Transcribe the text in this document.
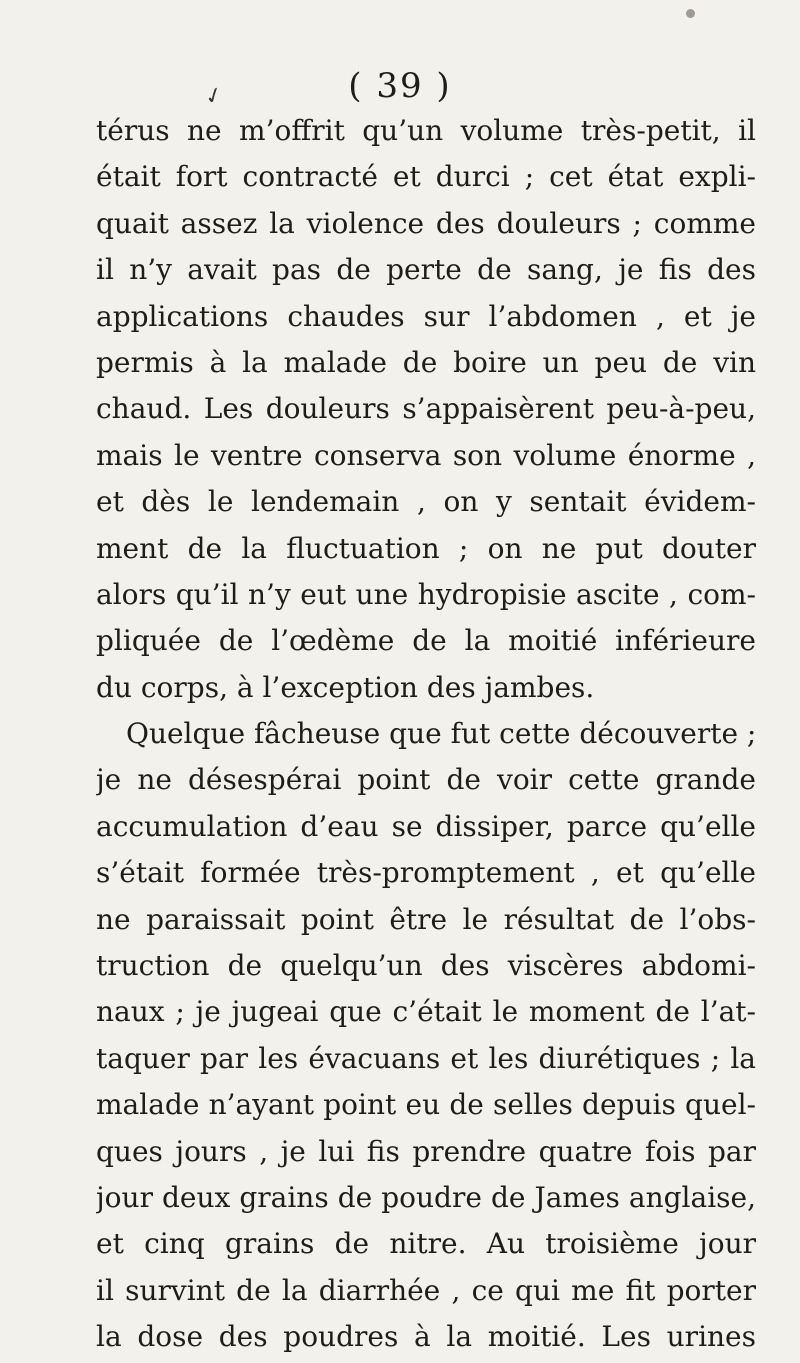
✓	( 39 )
térus ne m’offrit qu’un volume très-petit, il
était fort contracté et durci ; cet état expli-
quait assez la violence des douleurs ; comme
il n’y avait pas de perte de sang, je fis des
applications chaudes sur l’abdomen , et je
permis à la malade de boire un peu de vin
chaud. Les douleurs s’appaisèrent peu-à-peu,
mais le ventre conserva son volume énorme ,
et dès le lendemain , on y sentait évidem-
ment de la fluctuation ; on ne put douter
alors qu’il n’y eut une hydropisie ascite , com-
pliquée de l’œdème de la moitié inférieure
du corps, à l’exception des jambes.
Quelque fâcheuse que fut cette découverte ;
je ne désespérai point de voir cette grande
accumulation d’eau se dissiper, parce qu’elle
s’était formée très-promptement , et qu’elle
ne paraissait point être le résultat de l’obs-
truction de quelqu’un des viscères abdomi-
naux ; je jugeai que c’était le moment de l’at-
taquer par les évacuans et les diurétiques ; la
malade n’ayant point eu de selles depuis quel-
ques jours , je lui fis prendre quatre fois par
jour deux grains de poudre de James anglaise,
et cinq grains de nitre. Au troisième jour
il survint de la diarrhée , ce qui me fit porter
la dose des poudres à la moitié. Les urines
